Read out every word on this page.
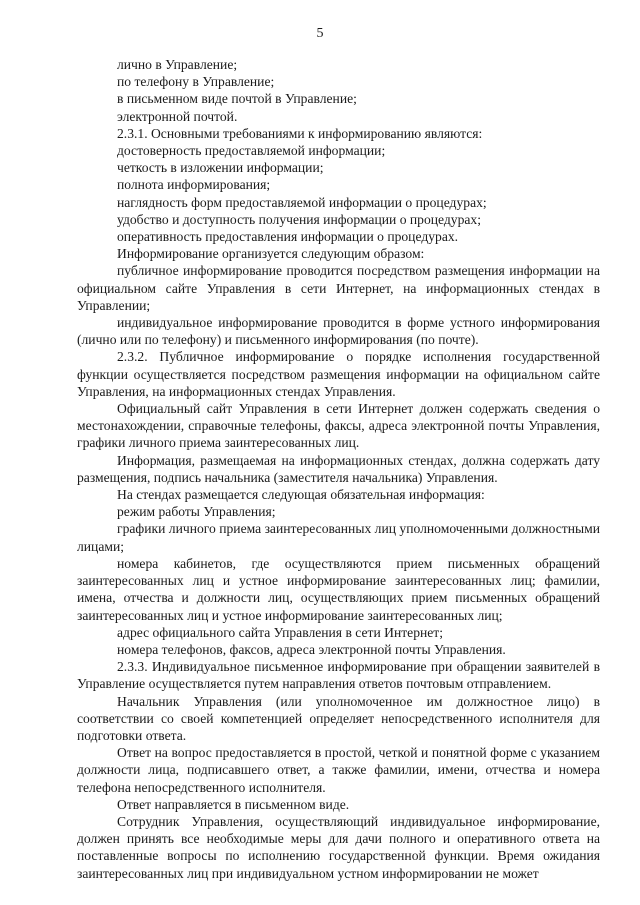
5

лично в Управление;

по телефону в Управление;

в письменном виде почтой в Управление;

электронной почтой.

2.3.1. Основными требованиями к информированию являются:

достоверность предоставляемой информации;

четкость в изложении информации;

полнота информирования;

наглядность форм предоставляемой информации о процедурах;

удобство и доступность получения информации о процедурах;

оперативность предоставления информации о процедурах.

Информирование организуется следующим образом:

публичное информирование проводится посредством размещения информации на официальном сайте Управления в сети Интернет, на информационных стендах в Управлении;

индивидуальное информирование проводится в форме устного информирования (лично или по телефону) и письменного информирования (по почте).

2.3.2. Публичное информирование о порядке исполнения государственной функции осуществляется посредством размещения информации на официальном сайте Управления, на информационных стендах Управления.

Официальный сайт Управления в сети Интернет должен содержать сведения о местонахождении, справочные телефоны, факсы, адреса электронной почты Управления, графики личного приема заинтересованных лиц.

Информация, размещаемая на информационных стендах, должна содержать дату размещения, подпись начальника (заместителя начальника) Управления.

На стендах размещается следующая обязательная информация:

режим работы Управления;

графики личного приема заинтересованных лиц уполномоченными должностными лицами;

номера кабинетов, где осуществляются прием письменных обращений заинтересованных лиц и устное информирование заинтересованных лиц; фамилии, имена, отчества и должности лиц, осуществляющих прием письменных обращений заинтересованных лиц и устное информирование заинтересованных лиц;

адрес официального сайта Управления в сети Интернет;

номера телефонов, факсов, адреса электронной почты Управления.

2.3.3. Индивидуальное письменное информирование при обращении заявителей в Управление осуществляется путем направления ответов почтовым отправлением.

Начальник Управления (или уполномоченное им должностное лицо) в соответствии со своей компетенцией определяет непосредственного исполнителя для подготовки ответа.

Ответ на вопрос предоставляется в простой, четкой и понятной форме с указанием должности лица, подписавшего ответ, а также фамилии, имени, отчества и номера телефона непосредственного исполнителя.

Ответ направляется в письменном виде.

Сотрудник Управления, осуществляющий индивидуальное информирование, должен принять все необходимые меры для дачи полного и оперативного ответа на поставленные вопросы по исполнению государственной функции. Время ожидания заинтересованных лиц при индивидуальном устном информировании не может
